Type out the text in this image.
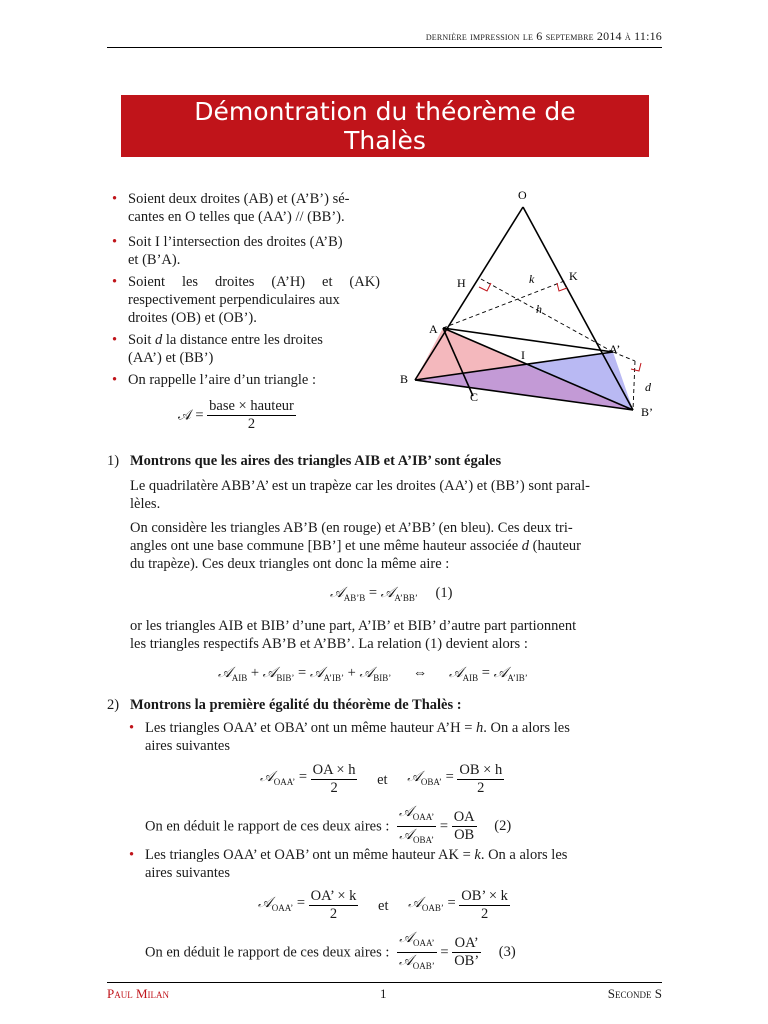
dernière impression le 6 septembre 2014 à 11:16
Démontration du théorème de
Thalès
• Soient deux droites (AB) et (A’B’) sé-
cantes en O telles que (AA’) // (BB’).
• Soit I l’intersection des droites (A’B)
et (B’A).
• Soient les droites (A’H) et (AK)
respectivement perpendiculaires aux
droites (OB) et (OB’).
• Soit d la distance entre les droites
(AA’) et (BB’)
• On rappelle l’aire d’un triangle :
𝒜 = $\frac{\text{base × hauteur}}{2}$
O
H	K
k
h
A
I	A’
B
C
d
B’
1) Montrons que les aires des triangles AIB et A’IB’ sont égales
Le quadrilatère ABB’A’ est un trapèze car les droites (AA’) et (BB’) sont paral-
lèles.
On considère les triangles AB’B (en rouge) et A’BB’ (en bleu). Ces deux tri-
angles ont une base commune [BB’] et une même hauteur associée d (hauteur
du trapèze). Ces deux triangles ont donc la même aire :
𝒜$_{AB’B}$ = 𝒜$_{A’BB’}$ (1)
or les triangles AIB et BIB’ d’une part, A’IB’ et BIB’ d’autre part partionnent
les triangles respectifs AB’B et A’BB’. La relation (1) devient alors :
𝒜$_{AIB}$ + 𝒜$_{BIB’}$ = 𝒜$_{A’IB’}$ + 𝒜$_{BIB’}$ ⇔ 𝒜$_{AIB}$ = 𝒜$_{A’IB’}$
2) Montrons la première égalité du théorème de Thalès :
• Les triangles OAA’ et OBA’ ont un même hauteur A’H = h. On a alors les
aires suivantes
𝒜$_{OAA’}$ = $\frac{OA \times h}{2}$ et 𝒜$_{OBA’}$ = $\frac{OB \times h}{2}$
On en déduit le rapport de ces deux aires : $\frac{𝒜_{OAA’}}{𝒜_{OBA’}} = \frac{OA}{OB} (2)$
• Les triangles OAA’ et OAB’ ont un même hauteur AK = k. On a alors les
aires suivantes
𝒜$_{OAA’}$ = $\frac{OA’ \times k}{2}$ et 𝒜$_{OAB’}$ = $\frac{OB’ \times k}{2}$
On en déduit le rapport de ces deux aires : $\frac{𝒜_{OAA’}}{𝒜_{OAB’}} = \frac{OA’}{OB’} (3)$
Paul Milan	1	Seconde S
